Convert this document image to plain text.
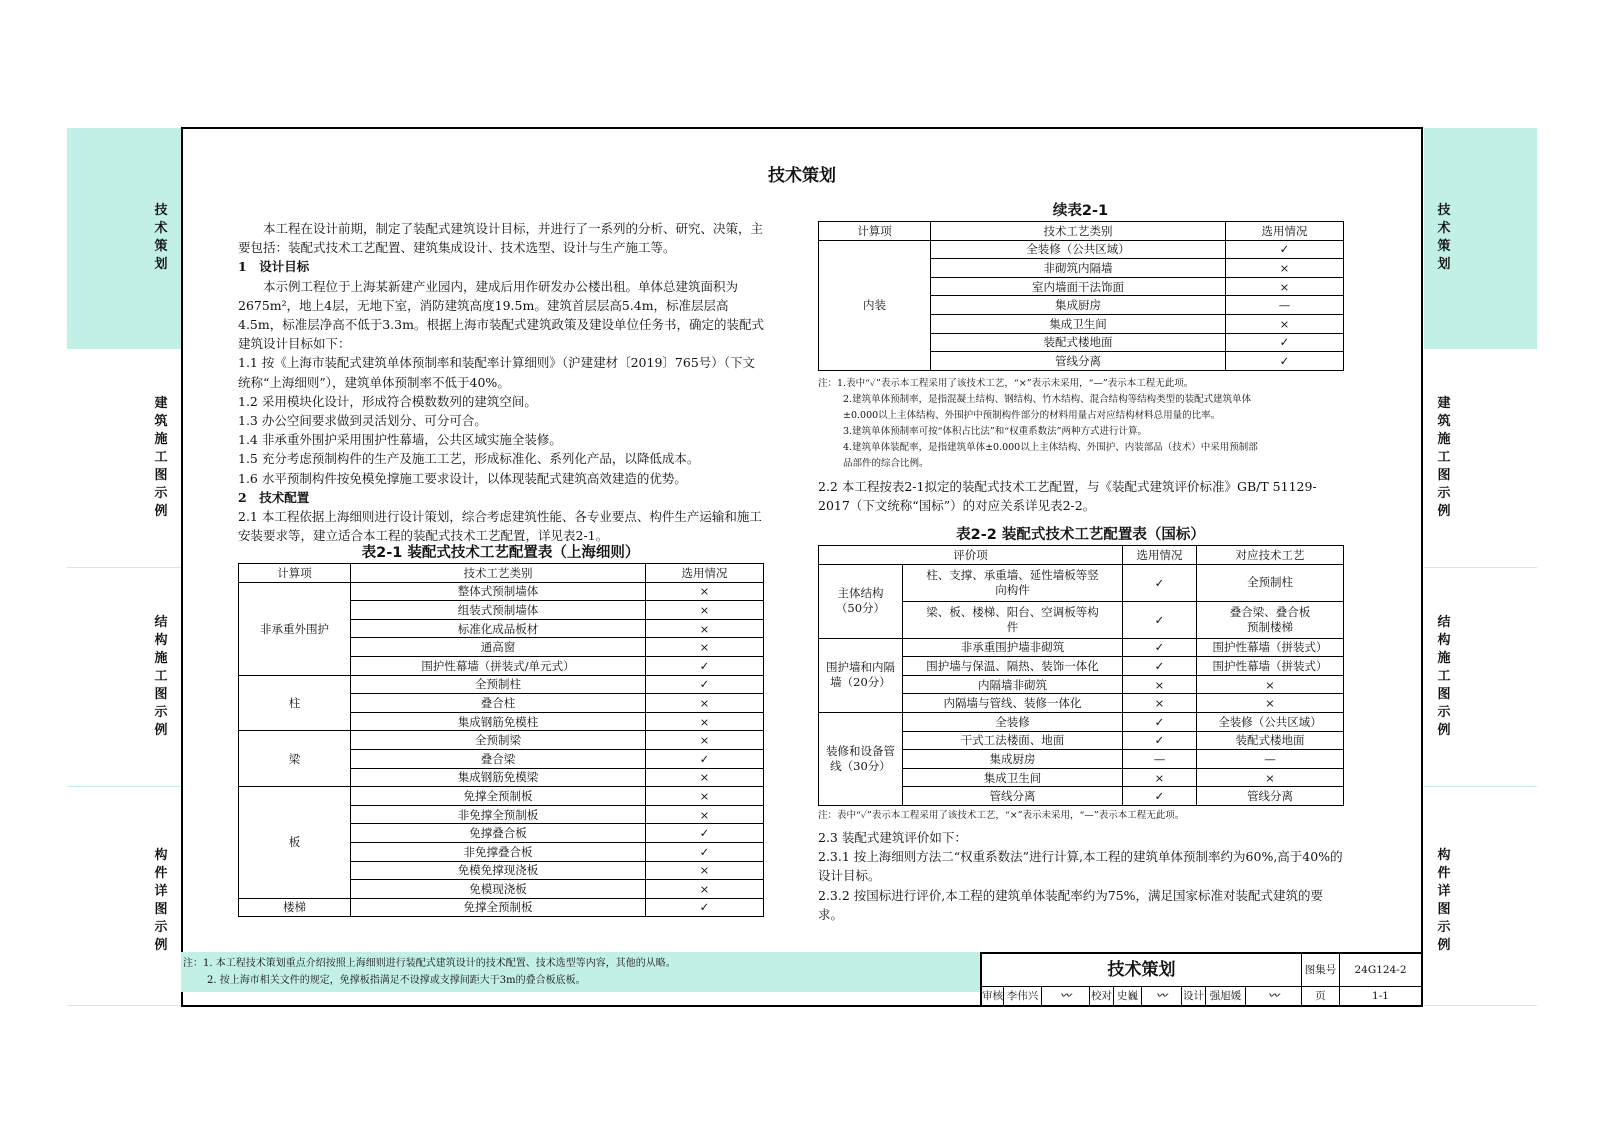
技术策划
建筑施工图示例
结构施工图示例
构件详图示例
技术策划
建筑施工图示例
结构施工图示例
构件详图示例
技术策划

本工程在设计前期，制定了装配式建筑设计目标，并进行了一系列的分析、研究、决策，主要包括：装配式技术工艺配置、建筑集成设计、技术选型、设计与生产施工等。

1　设计目标

本示例工程位于上海某新建产业园内，建成后用作研发办公楼出租。单体总建筑面积为2675m²，地上4层，无地下室，消防建筑高度19.5m。建筑首层层高5.4m，标准层层高4.5m，标准层净高不低于3.3m。根据上海市装配式建筑政策及建设单位任务书，确定的装配式建筑设计目标如下：

1.1 按《上海市装配式建筑单体预制率和装配率计算细则》（沪建建材〔2019〕765号）（下文统称“上海细则”），建筑单体预制率不低于40%。

1.2 采用模块化设计，形成符合模数数列的建筑空间。

1.3 办公空间要求做到灵活划分、可分可合。

1.4 非承重外围护采用围护性幕墙，公共区域实施全装修。

1.5 充分考虑预制构件的生产及施工工艺，形成标准化、系列化产品，以降低成本。

1.6 水平预制构件按免模免撑施工要求设计，以体现装配式建筑高效建造的优势。

2　技术配置

2.1 本工程依据上海细则进行设计策划，综合考虑建筑性能、各专业要点、构件生产运输和施工安装要求等，建立适合本工程的装配式技术工艺配置，详见表2-1。

表2-1 装配式技术工艺配置表（上海细则）
计算项	技术工艺类别	选用情况
非承重外围护	整体式预制墙体	×
	组装式预制墙体	×
	标准化成品板材	×
	通高窗	×
	围护性幕墙（拼装式/单元式）	✓
柱	全预制柱	✓
	叠合柱	×
	集成钢筋免模柱	×
梁	全预制梁	×
	叠合梁	✓
	集成钢筋免模梁	×
板	免撑全预制板	×
	非免撑全预制板	×
	免撑叠合板	✓
	非免撑叠合板	✓
	免模免撑现浇板	×
	免模现浇板	×
楼梯	免撑全预制板	✓
续表2-1
计算项	技术工艺类别	选用情况
内装	全装修（公共区域）	✓
	非砌筑内隔墙	×
	室内墙面干法饰面	×
	集成厨房	—
	集成卫生间	×
	装配式楼地面	✓
	管线分离	✓

注：1.表中“✓”表示本工程采用了该技术工艺，“×”表示未采用，“—”表示本工程无此项。

2.建筑单体预制率，是指混凝土结构、钢结构、竹木结构、混合结构等结构类型的装配式建筑单体

±0.000以上主体结构、外围护中预制构件部分的材料用量占对应结构材料总用量的比率。

3.建筑单体预制率可按“体积占比法”和“权重系数法”两种方式进行计算。

4.建筑单体装配率，是指建筑单体±0.000以上主体结构、外围护、内装部品（技术）中采用预制部

品部件的综合比例。

2.2 本工程按表2-1拟定的装配式技术工艺配置，与《装配式建筑评价标准》GB/T 51129-2017（下文统称“国标”）的对应关系详见表2-2。
表2-2 装配式技术工艺配置表（国标）
评价项		选用情况	对应技术工艺
主体结构（50分）	柱、支撑、承重墙、延性墙板等竖向构件	✓	全预制柱
	梁、板、楼梯、阳台、空调板等构件	✓	叠合梁、叠合板预制楼梯
围护墙和内隔墙（20分）	非承重围护墙非砌筑	✓	围护性幕墙（拼装式）
	围护墙与保温、隔热、装饰一体化	✓	围护性幕墙（拼装式）
	内隔墙非砌筑	×	×
	内隔墙与管线、装修一体化	×	×
装修和设备管线（30分）	全装修	✓	全装修（公共区域）
	干式工法楼面、地面	✓	装配式楼地面
	集成厨房	—	—
	集成卫生间	×	×
	管线分离	✓	管线分离
注：表中“✓”表示本工程采用了该技术工艺，“×”表示未采用，“—”表示本工程无此项。

2.3 装配式建筑评价如下：

2.3.1 按上海细则方法二“权重系数法”进行计算,本工程的建筑单体预制率约为60%,高于40%的设计目标。

2.3.2 按国标进行评价,本工程的建筑单体装配率约为75%，满足国家标准对装配式建筑的要求。

注：1. 本工程技术策划重点介绍按照上海细则进行装配式建筑设计的技术配置、技术选型等内容，其他的从略。

2. 按上海市相关文件的规定，免撑板指满足不设撑或支撑间距大于3m的叠合板底板。

技术策划	图集号	24G124-2
审核 李伟兴	〰	校对 史巍	〰	设计 强旭媛	〰	页	1-1
